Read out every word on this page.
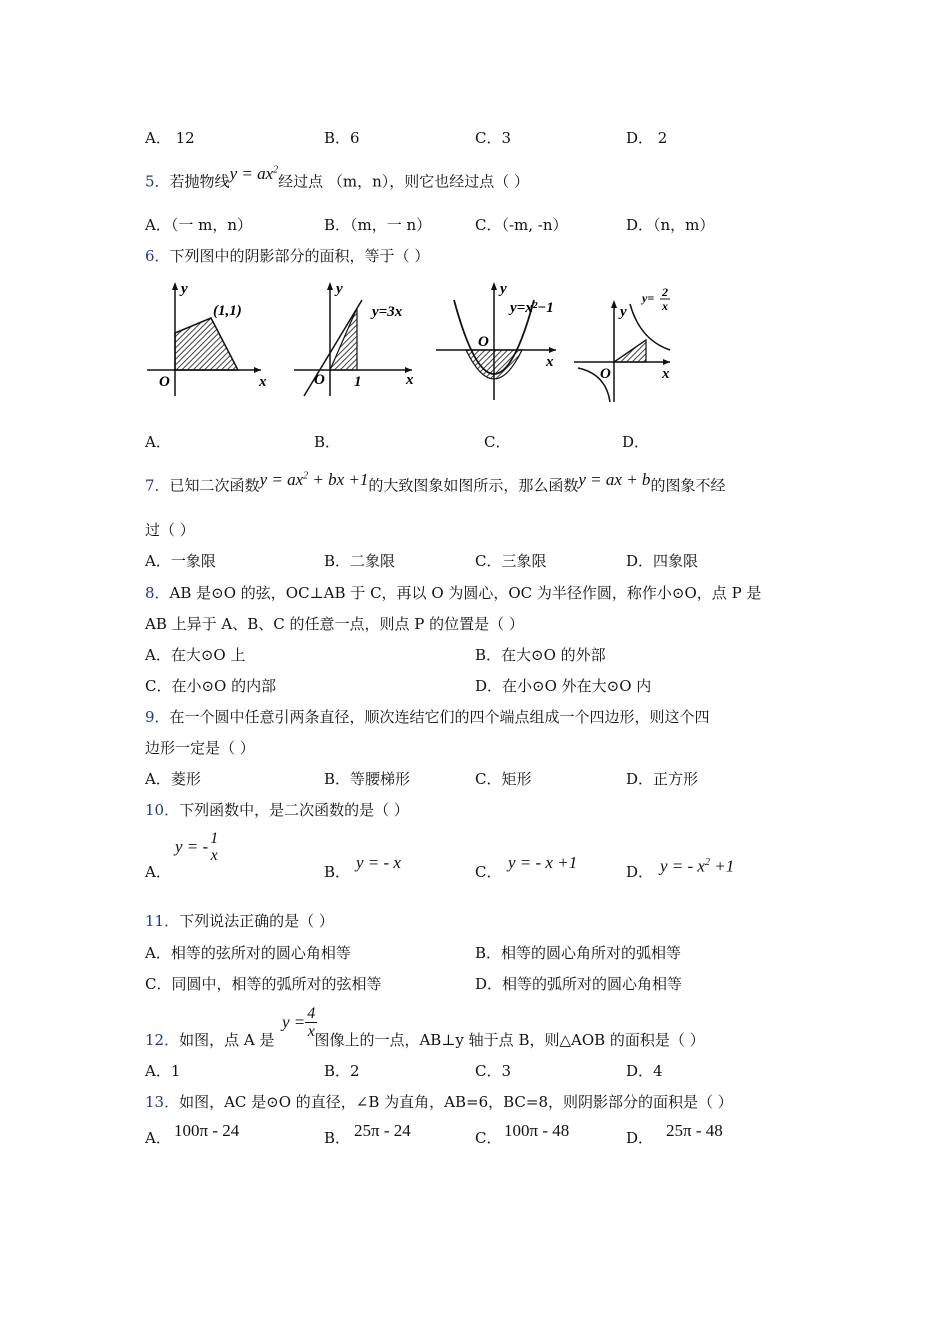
A． 12	B．6	C．3	D． 2
5．若抛物线$y = ax^2$经过点 （m，n），则它也经过点（ ）
A．（一 m，n）	B．（m，一 n）	C．（-m, -n）	D．（n，m）
6．下列图中的阴影部分的面积，等于（ ）
(1,1)
x
y
O
y=3x
x
y
O 1
y=x²−1
x
y
O
y= 2
x
x
y
O
A．	B．	C．	D．
7．已知二次函数$y = ax^2$ + bx +1的大致图象如图所示，那么函数y = ax + b的图象不经
过（ ）
A．一象限	B．二象限	C．三象限	D．四象限
8．AB 是⊙O 的弦，OC⊥AB 于 C，再以 O 为圆心，OC 为半径作圆，称作小⊙O，点 P 是
AB 上异于 A、B、C 的任意一点，则点 P 的位置是（ ）
A．在大⊙O 上	B．在大⊙O 的外部
C．在小⊙O 的内部	D．在小⊙O 外在大⊙O 内
9．在一个圆中任意引两条直径，顺次连结它们的四个端点组成一个四边形，则这个四
边形一定是（ ）
A．菱形	B．等腰梯形	C．矩形	D．正方形
10．下列函数中，是二次函数的是（ ）
A．
y = - 1
x
B． y = - x	C． y = - x +1	D． y = - $x^2 +1$
11．下列说法正确的是（ ）
A．相等的弦所对的圆心角相等	B．相等的圆心角所对的弧相等
C．同圆中，相等的弧所对的弦相等	D．相等的弧所对的圆心角相等
12．如图，点 A 是	图像上的一点，AB⊥y 轴于点 B，则△AOB 的面积是（ ）
$y = \frac{4}{x}$
A．1	B．2	C．3	D．4
13．如图，AC 是⊙O 的直径，∠B 为直角，AB=6，BC=8，则阴影部分的面积是（ ）
A． 100π - 24	B． 25π - 24	C． 100π - 48	D． 25π - 48
